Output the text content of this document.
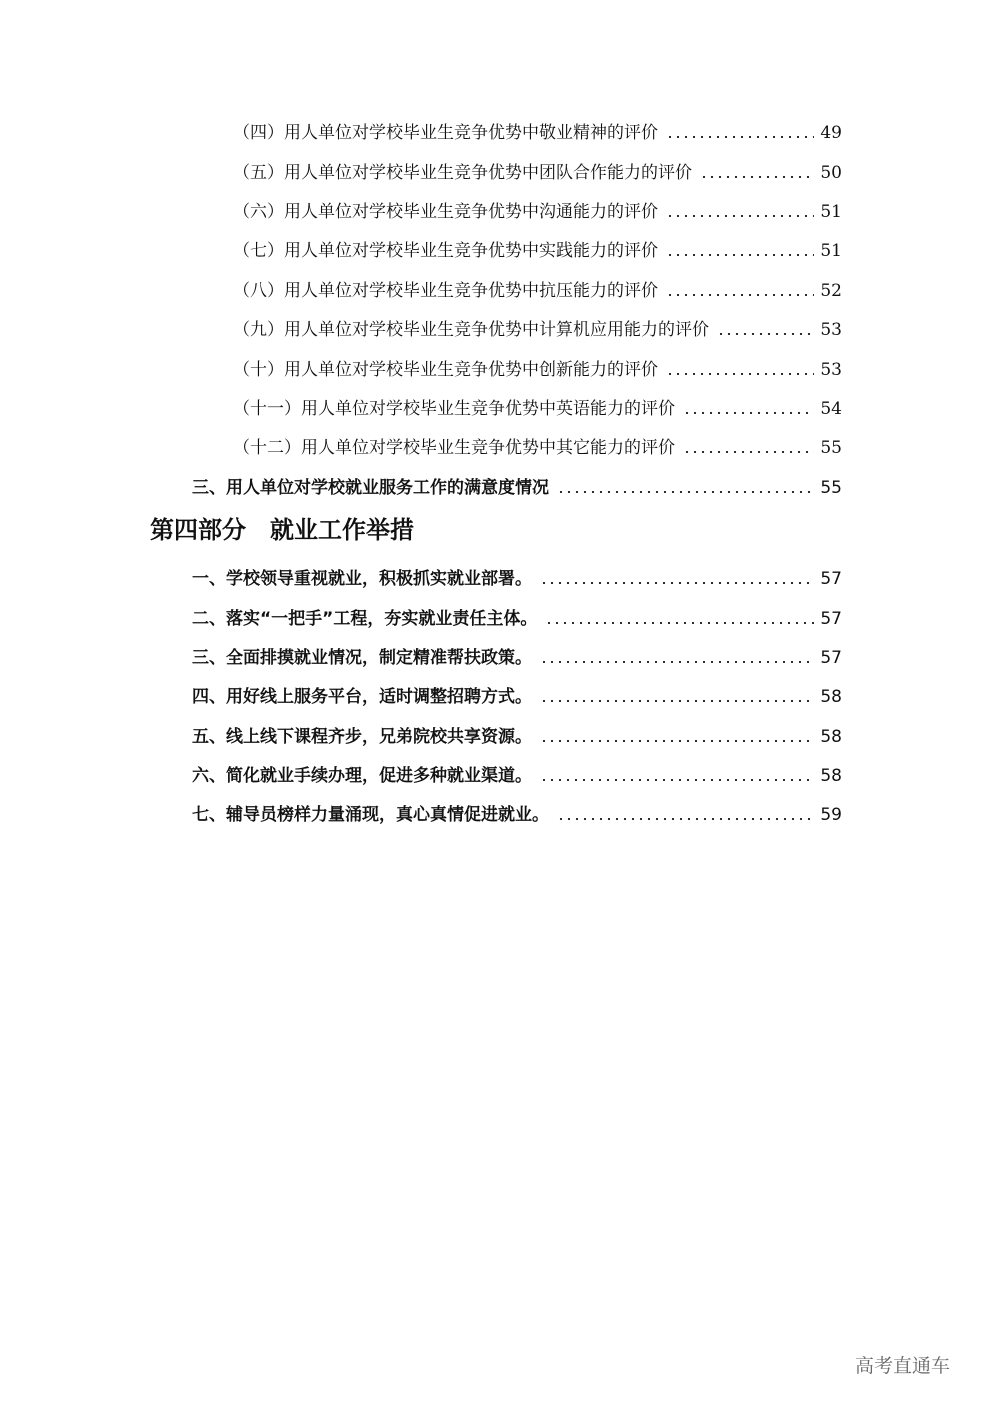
（四）用人单位对学校毕业生竞争优势中敬业精神的评价	49
（五）用人单位对学校毕业生竞争优势中团队合作能力的评价	50
（六）用人单位对学校毕业生竞争优势中沟通能力的评价	51
（七）用人单位对学校毕业生竞争优势中实践能力的评价	51
（八）用人单位对学校毕业生竞争优势中抗压能力的评价	52
（九）用人单位对学校毕业生竞争优势中计算机应用能力的评价	53
（十）用人单位对学校毕业生竞争优势中创新能力的评价	53
（十一）用人单位对学校毕业生竞争优势中英语能力的评价	54
（十二）用人单位对学校毕业生竞争优势中其它能力的评价	55
三、用人单位对学校就业服务工作的满意度情况	55
第四部分　就业工作举措
一、学校领导重视就业，积极抓实就业部署。	57
二、落实“一把手”工程，夯实就业责任主体。	57
三、全面排摸就业情况，制定精准帮扶政策。	57
四、用好线上服务平台，适时调整招聘方式。	58
五、线上线下课程齐步，兄弟院校共享资源。	58
六、简化就业手续办理，促进多种就业渠道。	58
七、辅导员榜样力量涌现，真心真情促进就业。	59
高考直通车
